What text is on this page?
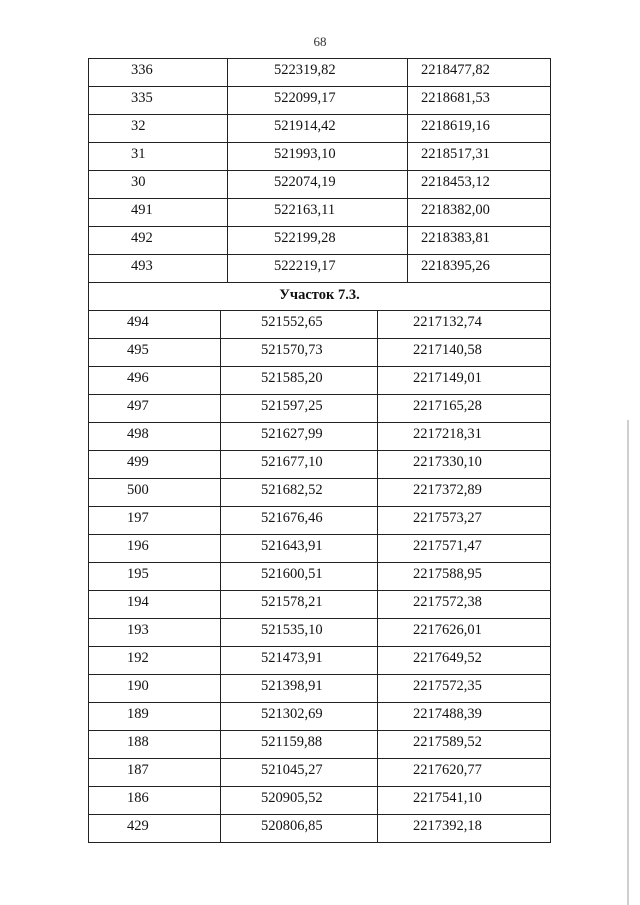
68
336	522319,82	2218477,82
335	522099,17	2218681,53
32	521914,42	2218619,16
31	521993,10	2218517,31
30	522074,19	2218453,12
491	522163,11	2218382,00
492	522199,28	2218383,81
493	522219,17	2218395,26
Участок 7.3.
494	521552,65	2217132,74
495	521570,73	2217140,58
496	521585,20	2217149,01
497	521597,25	2217165,28
498	521627,99	2217218,31
499	521677,10	2217330,10
500	521682,52	2217372,89
197	521676,46	2217573,27
196	521643,91	2217571,47
195	521600,51	2217588,95
194	521578,21	2217572,38
193	521535,10	2217626,01
192	521473,91	2217649,52
190	521398,91	2217572,35
189	521302,69	2217488,39
188	521159,88	2217589,52
187	521045,27	2217620,77
186	520905,52	2217541,10
429	520806,85	2217392,18
